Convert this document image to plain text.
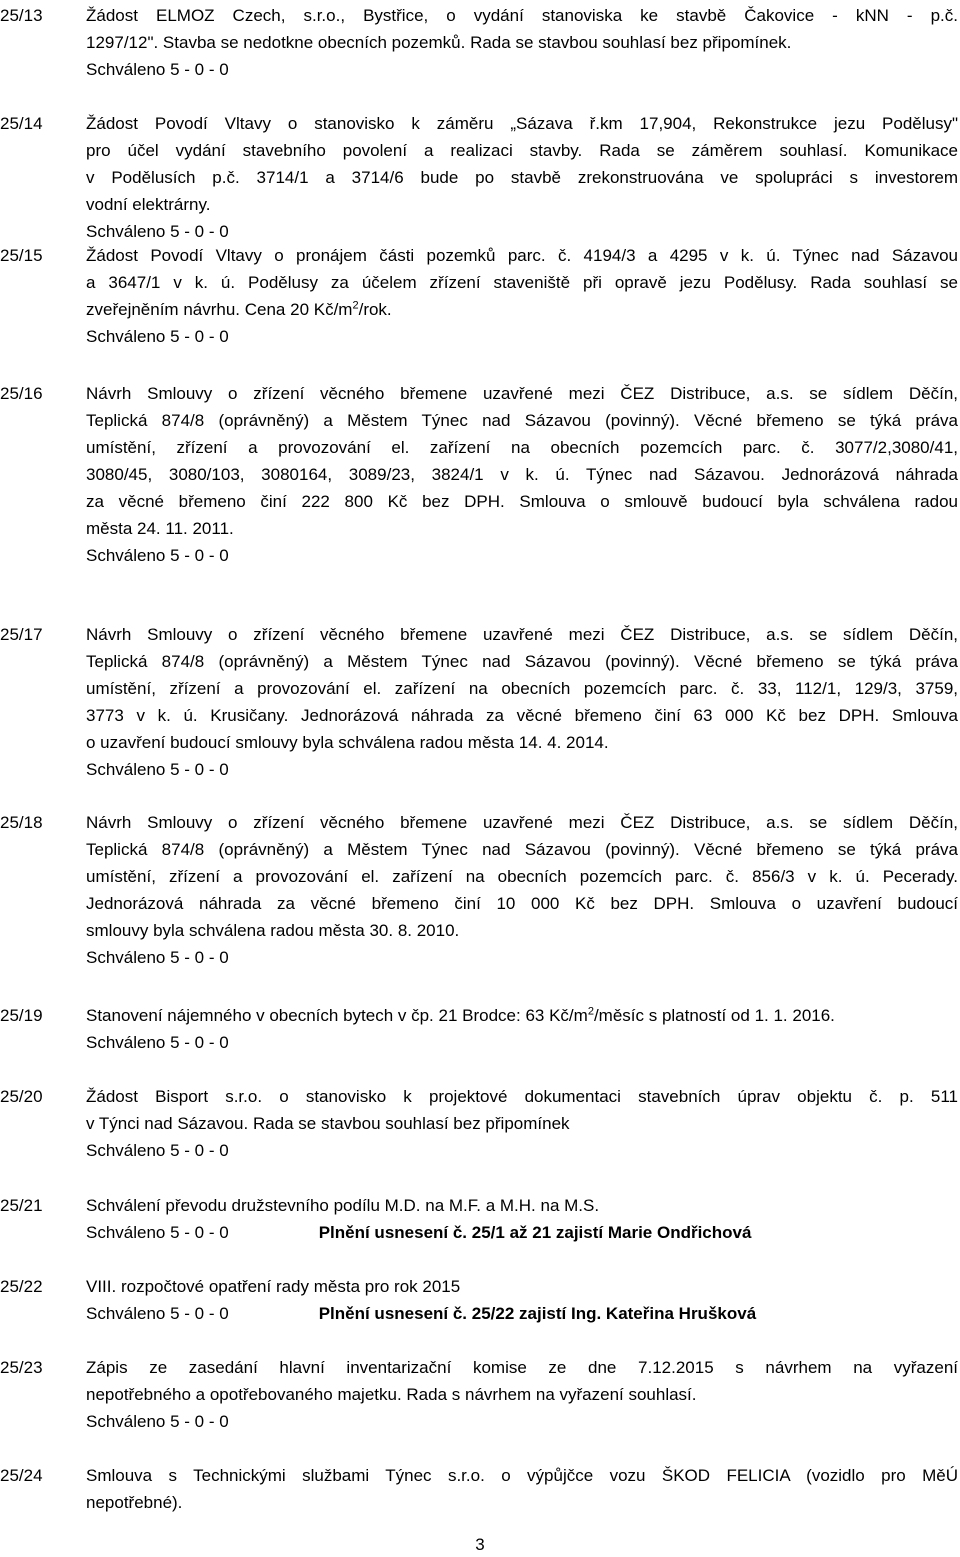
25/13	Žádost ELMOZ Czech, s.r.o., Bystřice, o vydání stanoviska ke stavbě Čakovice - kNN - p.č.
1297/12". Stavba se nedotkne obecních pozemků. Rada se stavbou souhlasí bez připomínek.
Schváleno 5 - 0 - 0
25/14	Žádost Povodí Vltavy o stanovisko k záměru „Sázava ř.km 17,904, Rekonstrukce jezu Podělusy"
pro účel vydání stavebního povolení a realizaci stavby. Rada se záměrem souhlasí. Komunikace
v Podělusích p.č. 3714/1 a 3714/6 bude po stavbě zrekonstruována ve spolupráci s investorem
vodní elektrárny.
Schváleno 5 - 0 - 0
25/15	Žádost Povodí Vltavy o pronájem části pozemků parc. č. 4194/3 a 4295 v k. ú. Týnec nad Sázavou
a 3647/1 v k. ú. Podělusy za účelem zřízení staveniště při opravě jezu Podělusy. Rada souhlasí se
zveřejněním návrhu. Cena 20 $Kč/m^2$/rok.
Schváleno 5 - 0 - 0
25/16	Návrh Smlouvy o zřízení věcného břemene uzavřené mezi ČEZ Distribuce, a.s. se sídlem Děčín,
Teplická 874/8 (oprávněný) a Městem Týnec nad Sázavou (povinný). Věcné břemeno se týká práva
umístění, zřízení a provozování el. zařízení na obecních pozemcích parc. č. 3077/2,3080/41,
3080/45, 3080/103, 3080164, 3089/23, 3824/1 v k. ú. Týnec nad Sázavou. Jednorázová náhrada
za věcné břemeno činí 222 800 Kč bez DPH. Smlouva o smlouvě budoucí byla schválena radou
města 24. 11. 2011.
Schváleno 5 - 0 - 0
25/17	Návrh Smlouvy o zřízení věcného břemene uzavřené mezi ČEZ Distribuce, a.s. se sídlem Děčín,
Teplická 874/8 (oprávněný) a Městem Týnec nad Sázavou (povinný). Věcné břemeno se týká práva
umístění, zřízení a provozování el. zařízení na obecních pozemcích parc. č. 33, 112/1, 129/3, 3759,
3773 v k. ú. Krusičany. Jednorázová náhrada za věcné břemeno činí 63 000 Kč bez DPH. Smlouva
o uzavření budoucí smlouvy byla schválena radou města 14. 4. 2014.
Schváleno 5 - 0 - 0
25/18	Návrh Smlouvy o zřízení věcného břemene uzavřené mezi ČEZ Distribuce, a.s. se sídlem Děčín,
Teplická 874/8 (oprávněný) a Městem Týnec nad Sázavou (povinný). Věcné břemeno se týká práva
umístění, zřízení a provozování el. zařízení na obecních pozemcích parc. č. 856/3 v k. ú. Pecerady.
Jednorázová náhrada za věcné břemeno činí 10 000 Kč bez DPH. Smlouva o uzavření budoucí
smlouvy byla schválena radou města 30. 8. 2010.
Schváleno 5 - 0 - 0
25/19	Stanovení nájemného v obecních bytech v čp. 21 Brodce: 63 $Kč/m^2$/měsíc s platností od 1. 1. 2016.
Schváleno 5 - 0 - 0
25/20	Žádost Bisport s.r.o. o stanovisko k projektové dokumentaci stavebních úprav objektu č. p. 511
v Týnci nad Sázavou. Rada se stavbou souhlasí bez připomínek
Schváleno 5 - 0 - 0
25/21	Schválení převodu družstevního podílu M.D. na M.F. a M.H. na M.S.
Schváleno 5 - 0 - 0	Plnění usnesení č. 25/1 až 21 zajistí Marie Ondřichová
25/22	VIII. rozpočtové opatření rady města pro rok 2015
Schváleno 5 - 0 - 0	Plnění usnesení č. 25/22 zajistí Ing. Kateřina Hrušková
25/23	Zápis ze zasedání hlavní inventarizační komise ze dne 7.12.2015 s návrhem na vyřazení
nepotřebného a opotřebovaného majetku. Rada s návrhem na vyřazení souhlasí.
Schváleno 5 - 0 - 0
25/24	Smlouva s Technickými službami Týnec s.r.o. o výpůjčce vozu ŠKOD FELICIA (vozidlo pro MěÚ
nepotřebné).
3
